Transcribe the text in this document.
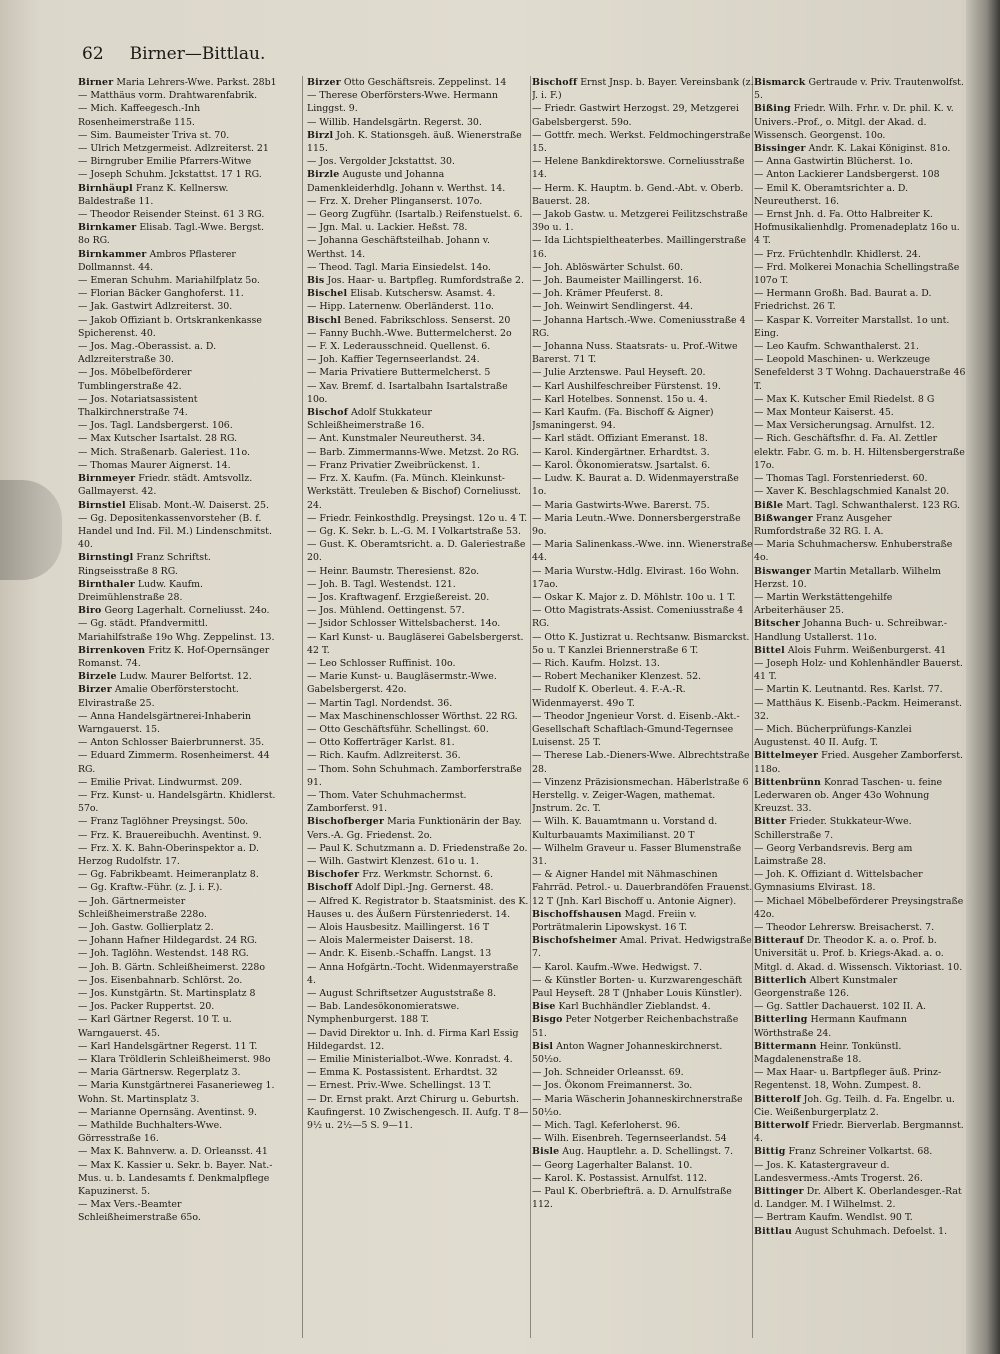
62 Birner—Bittlau.

Birner Maria Lehrers-Wwe. Parkst. 28b1

— Matthäus vorm. Drahtwarenfabrik.

— Mich. Kaffeegesch.-Inh Rosenheimerstraße 115.

— Sim. Baumeister Triva st. 70.

— Ulrich Metzgermeist. Adlzreiterst. 21

— Birngruber Emilie Pfarrers-Witwe

— Joseph Schuhm. Jckstattst. 17 1 RG.

Birnhäupl Franz K. Kellnersw. Baldestraße 11.

— Theodor Reisender Steinst. 61 3 RG.

Birnkamer Elisab. Tagl.-Wwe. Bergst. 8o RG.

Birnkammer Ambros Pflasterer Dollmannst. 44.

— Emeran Schuhm. Mariahilfplatz 5o.

— Florian Bäcker Ganghoferst. 11.

— Jak. Gastwirt Adlzreiterst. 30.

— Jakob Offiziant b. Ortskrankenkasse Spicherenst. 40.

— Jos. Mag.-Oberassist. a. D. Adlzreiterstraße 30.

— Jos. Möbelbeförderer Tumblingerstraße 42.

— Jos. Notariatsassistent Thalkirchnerstraße 74.

— Jos. Tagl. Landsbergerst. 106.

— Max Kutscher Isartalst. 28 RG.

— Mich. Straßenarb. Galeriest. 11o.

— Thomas Maurer Aignerst. 14.

Birnmeyer Friedr. städt. Amtsvollz. Gallmayerst. 42.

Birnstiel Elisab. Mont.-W. Daiserst. 25.

— Gg. Depositenkassenvorsteher (B. f. Handel und Ind. Fil. M.) Lindenschmitst. 40.

Birnstingl Franz Schriftst. Ringseisstraße 8 RG.

Birnthaler Ludw. Kaufm. Dreimühlenstraße 28.

Biro Georg Lagerhalt. Corneliusst. 24o.

— Gg. städt. Pfandvermittl. Mariahilfstraße 19o Whg. Zeppelinst. 13.

Birrenkoven Fritz K. Hof-Opernsänger Romanst. 74.

Birzele Ludw. Maurer Belfortst. 12.

Birzer Amalie Oberförsterstocht. Elvirastraße 25.

— Anna Handelsgärtnerei-Inhaberin Warngauerst. 15.

— Anton Schlosser Baierbrunnerst. 35.

— Eduard Zimmerm. Rosenheimerst. 44 RG.

— Emilie Privat. Lindwurmst. 209.

— Frz. Kunst- u. Handelsgärtn. Khidlerst. 57o.

— Franz Taglöhner Preysingst. 50o.

— Frz. K. Brauereibuchh. Aventinst. 9.

— Frz. X. K. Bahn-Oberinspektor a. D. Herzog Rudolfstr. 17.

— Gg. Fabrikbeamt. Heimeranplatz 8.

— Gg. Kraftw.-Führ. (z. J. i. F.).

— Joh. Gärtnermeister Schleißheimerstraße 228o.

— Joh. Gastw. Gollierplatz 2.

— Johann Hafner Hildegardst. 24 RG.

— Joh. Taglöhn. Westendst. 148 RG.

— Joh. B. Gärtn. Schleißheimerst. 228o

— Jos. Eisenbahnarb. Schlörst. 2o.

— Jos. Kunstgärtn. St. Martinsplatz 8

— Jos. Packer Ruppertst. 20.

— Karl Gärtner Regerst. 10 T. u. Warngauerst. 45.

— Karl Handelsgärtner Regerst. 11 T.

— Klara Tröldlerin Schleißheimerst. 98o

— Maria Gärtnersw. Regerplatz 3.

— Maria Kunstgärtnerei Fasanerieweg 1. Wohn. St. Martinsplatz 3.

— Marianne Opernsäng. Aventinst. 9.

— Mathilde Buchhalters-Wwe. Görresstraße 16.

— Max K. Bahnverw. a. D. Orleansst. 41

— Max K. Kassier u. Sekr. b. Bayer. Nat.-Mus. u. b. Landesamts f. Denkmalpflege Kapuzinerst. 5.

— Max Vers.-Beamter Schleißheimerstraße 65o.

Birzer Otto Geschäftsreis. Zeppelinst. 14

— Therese Oberförsters-Wwe. Hermann Linggst. 9.

— Willib. Handelsgärtn. Regerst. 30.

Birzl Joh. K. Stationsgeh. äuß. Wienerstraße 115.

— Jos. Vergolder Jckstattst. 30.

Birzle Auguste und Johanna Damenkleiderhdlg. Johann v. Werthst. 14.

— Frz. X. Dreher Plinganserst. 107o.

— Georg Zugführ. (Isartalb.) Reifenstuelst. 6.

— Jgn. Mal. u. Lackier. Heßst. 78.

— Johanna Geschäftsteilhab. Johann v. Werthst. 14.

— Theod. Tagl. Maria Einsiedelst. 14o.

Bis Jos. Haar- u. Bartpfleg. Rumfordstraße 2.

Bischel Elisab. Kutschersw. Asamst. 4.

— Hipp. Laternenw. Oberländerst. 11o.

Bischl Bened. Fabrikschloss. Senserst. 20

— Fanny Buchh.-Wwe. Buttermelcherst. 2o

— F. X. Lederausschneid. Quellenst. 6.

— Joh. Kaffier Tegernseerlandst. 24.

— Maria Privatiere Buttermelcherst. 5

— Xav. Bremf. d. Isartalbahn Isartalstraße 10o.

Bischof Adolf Stukkateur Schleißheimerstraße 16.

— Ant. Kunstmaler Neureutherst. 34.

— Barb. Zimmermanns-Wwe. Metzst. 2o RG.

— Franz Privatier Zweibrückenst. 1.

— Frz. X. Kaufm. (Fa. Münch. Kleinkunst-Werkstätt. Treuleben & Bischof) Corneliusst. 24.

— Friedr. Feinkosthdlg. Preysingst. 12o u. 4 T.

— Gg. K. Sekr. b. L.-G. M. I Volkartstraße 53.

— Gust. K. Oberamtsricht. a. D. Galeriestraße 20.

— Heinr. Baumstr. Theresienst. 82o.

— Joh. B. Tagl. Westendst. 121.

— Jos. Kraftwagenf. Erzgießereist. 20.

— Jos. Mühlend. Oettingenst. 57.

— Jsidor Schlosser Wittelsbacherst. 14o.

— Karl Kunst- u. Baugläserei Gabelsbergerst. 42 T.

— Leo Schlosser Ruffinist. 10o.

— Marie Kunst- u. Baugläsermstr.-Wwe. Gabelsbergerst. 42o.

— Martin Tagl. Nordendst. 36.

— Max Maschinenschlosser Wörthst. 22 RG.

— Otto Geschäftsführ. Schellingst. 60.

— Otto Kofferträger Karlst. 81.

— Rich. Kaufm. Adlzreiterst. 36.

— Thom. Sohn Schuhmach. Zamborferstraße 91.

— Thom. Vater Schuhmachermst. Zamborferst. 91.

Bischofberger Maria Funktionärin der Bay. Vers.-A. Gg. Friedenst. 2o.

— Paul K. Schutzmann a. D. Friedenstraße 2o.

— Wilh. Gastwirt Klenzest. 61o u. 1.

Bischofer Frz. Werkmstr. Schornst. 6.

Bischoff Adolf Dipl.-Jng. Gernerst. 48.

— Alfred K. Registrator b. Staatsminist. des K. Hauses u. des Äußern Fürstenriederst. 14.

— Alois Hausbesitz. Maillingerst. 16 T

— Alois Malermeister Daiserst. 18.

— Andr. K. Eisenb.-Schaffn. Langst. 13

— Anna Hofgärtn.-Tocht. Widenmayerstraße 4.

— August Schriftsetzer Auguststraße 8.

— Bab. Landesökonomieratswe. Nymphenburgerst. 188 T.

— David Direktor u. Inh. d. Firma Karl Essig Hildegardst. 12.

— Emilie Ministerialbot.-Wwe. Konradst. 4.

— Emma K. Postassistent. Erhardtst. 32

— Ernest. Priv.-Wwe. Schellingst. 13 T.

— Dr. Ernst prakt. Arzt Chirurg u. Geburtsh. Kaufingerst. 10 Zwischengesch. II. Aufg. T 8—9½ u. 2½—5 S. 9—11.

Bischoff Ernst Jnsp. b. Bayer. Vereinsbank (z. J. i. F.)

— Friedr. Gastwirt Herzogst. 29, Metzgerei Gabelsbergerst. 59o.

— Gottfr. mech. Werkst. Feldmochingerstraße 15.

— Helene Bankdirektorswe. Corneliusstraße 14.

— Herm. K. Hauptm. b. Gend.-Abt. v. Oberb. Bauerst. 28.

— Jakob Gastw. u. Metzgerei Feilitzschstraße 39o u. 1.

— Ida Lichtspieltheaterbes. Maillingerstraße 16.

— Joh. Ablöswärter Schulst. 60.

— Joh. Baumeister Maillingerst. 16.

— Joh. Krämer Pfeuferst. 8.

— Joh. Weinwirt Sendlingerst. 44.

— Johanna Hartsch.-Wwe. Comeniusstraße 4 RG.

— Johanna Nuss. Staatsrats- u. Prof.-Witwe Barerst. 71 T.

— Julie Arztenswe. Paul Heyseft. 20.

— Karl Aushilfeschreiber Fürstenst. 19.

— Karl Hotelbes. Sonnenst. 15o u. 4.

— Karl Kaufm. (Fa. Bischoff & Aigner) Jsmaningerst. 94.

— Karl städt. Offiziant Emeranst. 18.

— Karol. Kindergärtner. Erhardtst. 3.

— Karol. Ökonomieratsw. Jsartalst. 6.

— Ludw. K. Baurat a. D. Widenmayerstraße 1o.

— Maria Gastwirts-Wwe. Barerst. 75.

— Maria Leutn.-Wwe. Donnersbergerstraße 9o.

— Maria Salinenkass.-Wwe. inn. Wienerstraße 44.

— Maria Wurstw.-Hdlg. Elvirast. 16o Wohn. 17ao.

— Oskar K. Major z. D. Möhlstr. 10o u. 1 T.

— Otto Magistrats-Assist. Comeniusstraße 4 RG.

— Otto K. Justizrat u. Rechtsanw. Bismarckst. 5o u. T Kanzlei Briennerstraße 6 T.

— Rich. Kaufm. Holzst. 13.

— Robert Mechaniker Klenzest. 52.

— Rudolf K. Oberleut. 4. F.-A.-R. Widenmayerst. 49o T.

— Theodor Jngenieur Vorst. d. Eisenb.-Akt.-Gesellschaft Schaftlach-Gmund-Tegernsee Luisenst. 25 T.

— Therese Lab.-Dieners-Wwe. Albrechtstraße 28.

— Vinzenz Präzisionsmechan. Häberlstraße 6 Herstellg. v. Zeiger-Wagen, mathemat. Jnstrum. 2c. T.

— Wilh. K. Bauamtmann u. Vorstand d. Kulturbauamts Maximilianst. 20 T

— Wilhelm Graveur u. Fasser Blumenstraße 31.

— & Aigner Handel mit Nähmaschinen Fahrräd. Petrol.- u. Dauerbrandöfen Frauenst. 12 T (Jnh. Karl Bischoff u. Antonie Aigner).

Bischoffshausen Magd. Freiin v. Porträtmalerin Lipowskyst. 16 T.

Bischofsheimer Amal. Privat. Hedwigstraße 7.

— Karol. Kaufm.-Wwe. Hedwigst. 7.

— & Künstler Borten- u. Kurzwarengeschäft Paul Heyseft. 28 T (Jnhaber Louis Künstler).

Bise Karl Buchhändler Zieblandst. 4.

Bisgo Peter Notgerber Reichenbachstraße 51.

Bisl Anton Wagner Johanneskirchnerst. 50½o.

— Joh. Schneider Orleansst. 69.

— Jos. Ökonom Freimannerst. 3o.

— Maria Wäscherin Johanneskirchnerstraße 50½o.

— Mich. Tagl. Keferloherst. 96.

— Wilh. Eisenbreh. Tegernseerlandst. 54

Bisle Aug. Hauptlehr. a. D. Schellingst. 7.

— Georg Lagerhalter Balanst. 10.

— Karol. K. Postassist. Arnulfst. 112.

— Paul K. Oberbriefträ. a. D. Arnulfstraße 112.

Bismarck Gertraude v. Priv. Trautenwolfst. 5.

Bißing Friedr. Wilh. Frhr. v. Dr. phil. K. v. Univers.-Prof., o. Mitgl. der Akad. d. Wissensch. Georgenst. 10o.

Bissinger Andr. K. Lakai Königinst. 81o.

— Anna Gastwirtin Blücherst. 1o.

— Anton Lackierer Landsbergerst. 108

— Emil K. Oberamtsrichter a. D. Neureutherst. 16.

— Ernst Jnh. d. Fa. Otto Halbreiter K. Hofmusikalienhdlg. Promenadeplatz 16o u. 4 T.

— Frz. Früchtenhdlr. Khidlerst. 24.

— Frd. Molkerei Monachia Schellingstraße 107o T.

— Hermann Großh. Bad. Baurat a. D. Friedrichst. 26 T.

— Kaspar K. Vorreiter Marstallst. 1o unt. Eing.

— Leo Kaufm. Schwanthalerst. 21.

— Leopold Maschinen- u. Werkzeuge Senefelderst 3 T Wohng. Dachauerstraße 46 T.

— Max K. Kutscher Emil Riedelst. 8 G

— Max Monteur Kaiserst. 45.

— Max Versicherungsag. Arnulfst. 12.

— Rich. Geschäftsfhr. d. Fa. Al. Zettler elektr. Fabr. G. m. b. H. Hiltensbergerstraße 17o.

— Thomas Tagl. Forstenriederst. 60.

— Xaver K. Beschlagschmied Kanalst 20.

Bißle Mart. Tagl. Schwanthalerst. 123 RG.

Bißwanger Franz Ausgeher Rumfordstraße 32 RG. I. A.

— Maria Schuhmachersw. Enhuberstraße 4o.

Biswanger Martin Metallarb. Wilhelm Herzst. 10.

— Martin Werkstättengehilfe Arbeiterhäuser 25.

Bitscher Johanna Buch- u. Schreibwar.-Handlung Ustallerst. 11o.

Bittel Alois Fuhrm. Weißenburgerst. 41

— Joseph Holz- und Kohlenhändler Bauerst. 41 T.

— Martin K. Leutnantd. Res. Karlst. 77.

— Matthäus K. Eisenb.-Packm. Heimeranst. 32.

— Mich. Bücherprüfungs-Kanzlei Augustenst. 40 II. Aufg. T.

Bittelmeyer Fried. Ausgeher Zamborferst. 118o.

Bittenbrünn Konrad Taschen- u. feine Lederwaren ob. Anger 43o Wohnung Kreuzst. 33.

Bitter Frieder. Stukkateur-Wwe. Schillerstraße 7.

— Georg Verbandsrevis. Berg am Laimstraße 28.

— Joh. K. Offiziant d. Wittelsbacher Gymnasiums Elvirast. 18.

— Michael Möbelbeförderer Preysingstraße 42o.

— Theodor Lehrersw. Breisacherst. 7.

Bitterauf Dr. Theodor K. a. o. Prof. b. Universität u. Prof. b. Kriegs-Akad. a. o. Mitgl. d. Akad. d. Wissensch. Viktoriast. 10.

Bitterlich Albert Kunstmaler Georgenstraße 126.

— Gg. Sattler Dachauerst. 102 II. A.

Bitterling Hermann Kaufmann Wörthstraße 24.

Bittermann Heinr. Tonkünstl. Magdalenenstraße 18.

— Max Haar- u. Bartpfleger äuß. Prinz-Regentenst. 18, Wohn. Zumpest. 8.

Bitterolf Joh. Gg. Teilh. d. Fa. Engelbr. u. Cie. Weißenburgerplatz 2.

Bitterwolf Friedr. Bierverlab. Bergmannst. 4.

Bittig Franz Schreiner Volkartst. 68.

— Jos. K. Katastergraveur d. Landesvermess.-Amts Trogerst. 26.

Bittinger Dr. Albert K. Oberlandesger.-Rat d. Landger. M. I Wilhelmst. 2.

— Bertram Kaufm. Wendlst. 90 T.

Bittlau August Schuhmach. Defoelst. 1.
